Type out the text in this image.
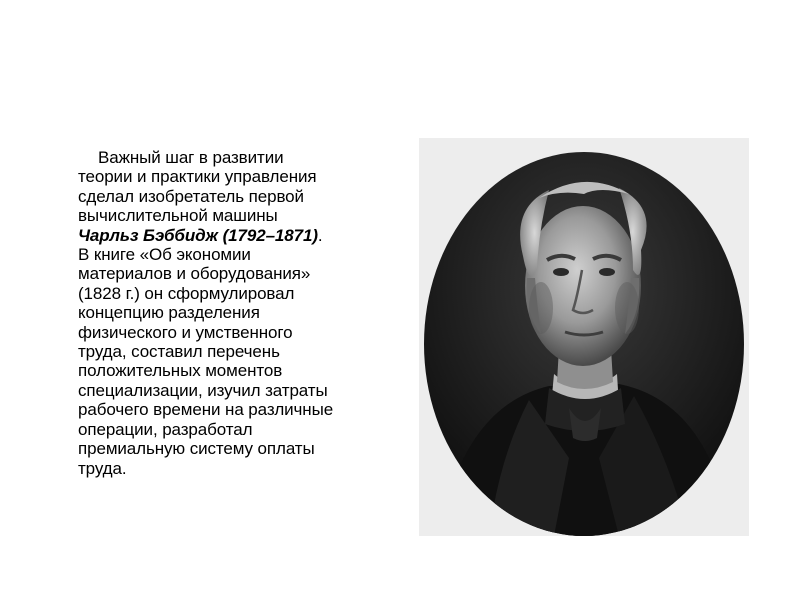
Важный шаг в развитии
теории и практики управления
сделал изобретатель первой
вычислительной машины
Чарльз Бэббидж (1792–1871).
В книге «Об экономии
материалов и оборудования»
(1828 г.) он сформулировал
концепцию разделения
физического и умственного
труда, составил перечень
положительных моментов
специализации, изучил затраты
рабочего времени на различные
операции, разработал
премиальную систему оплаты
труда.
